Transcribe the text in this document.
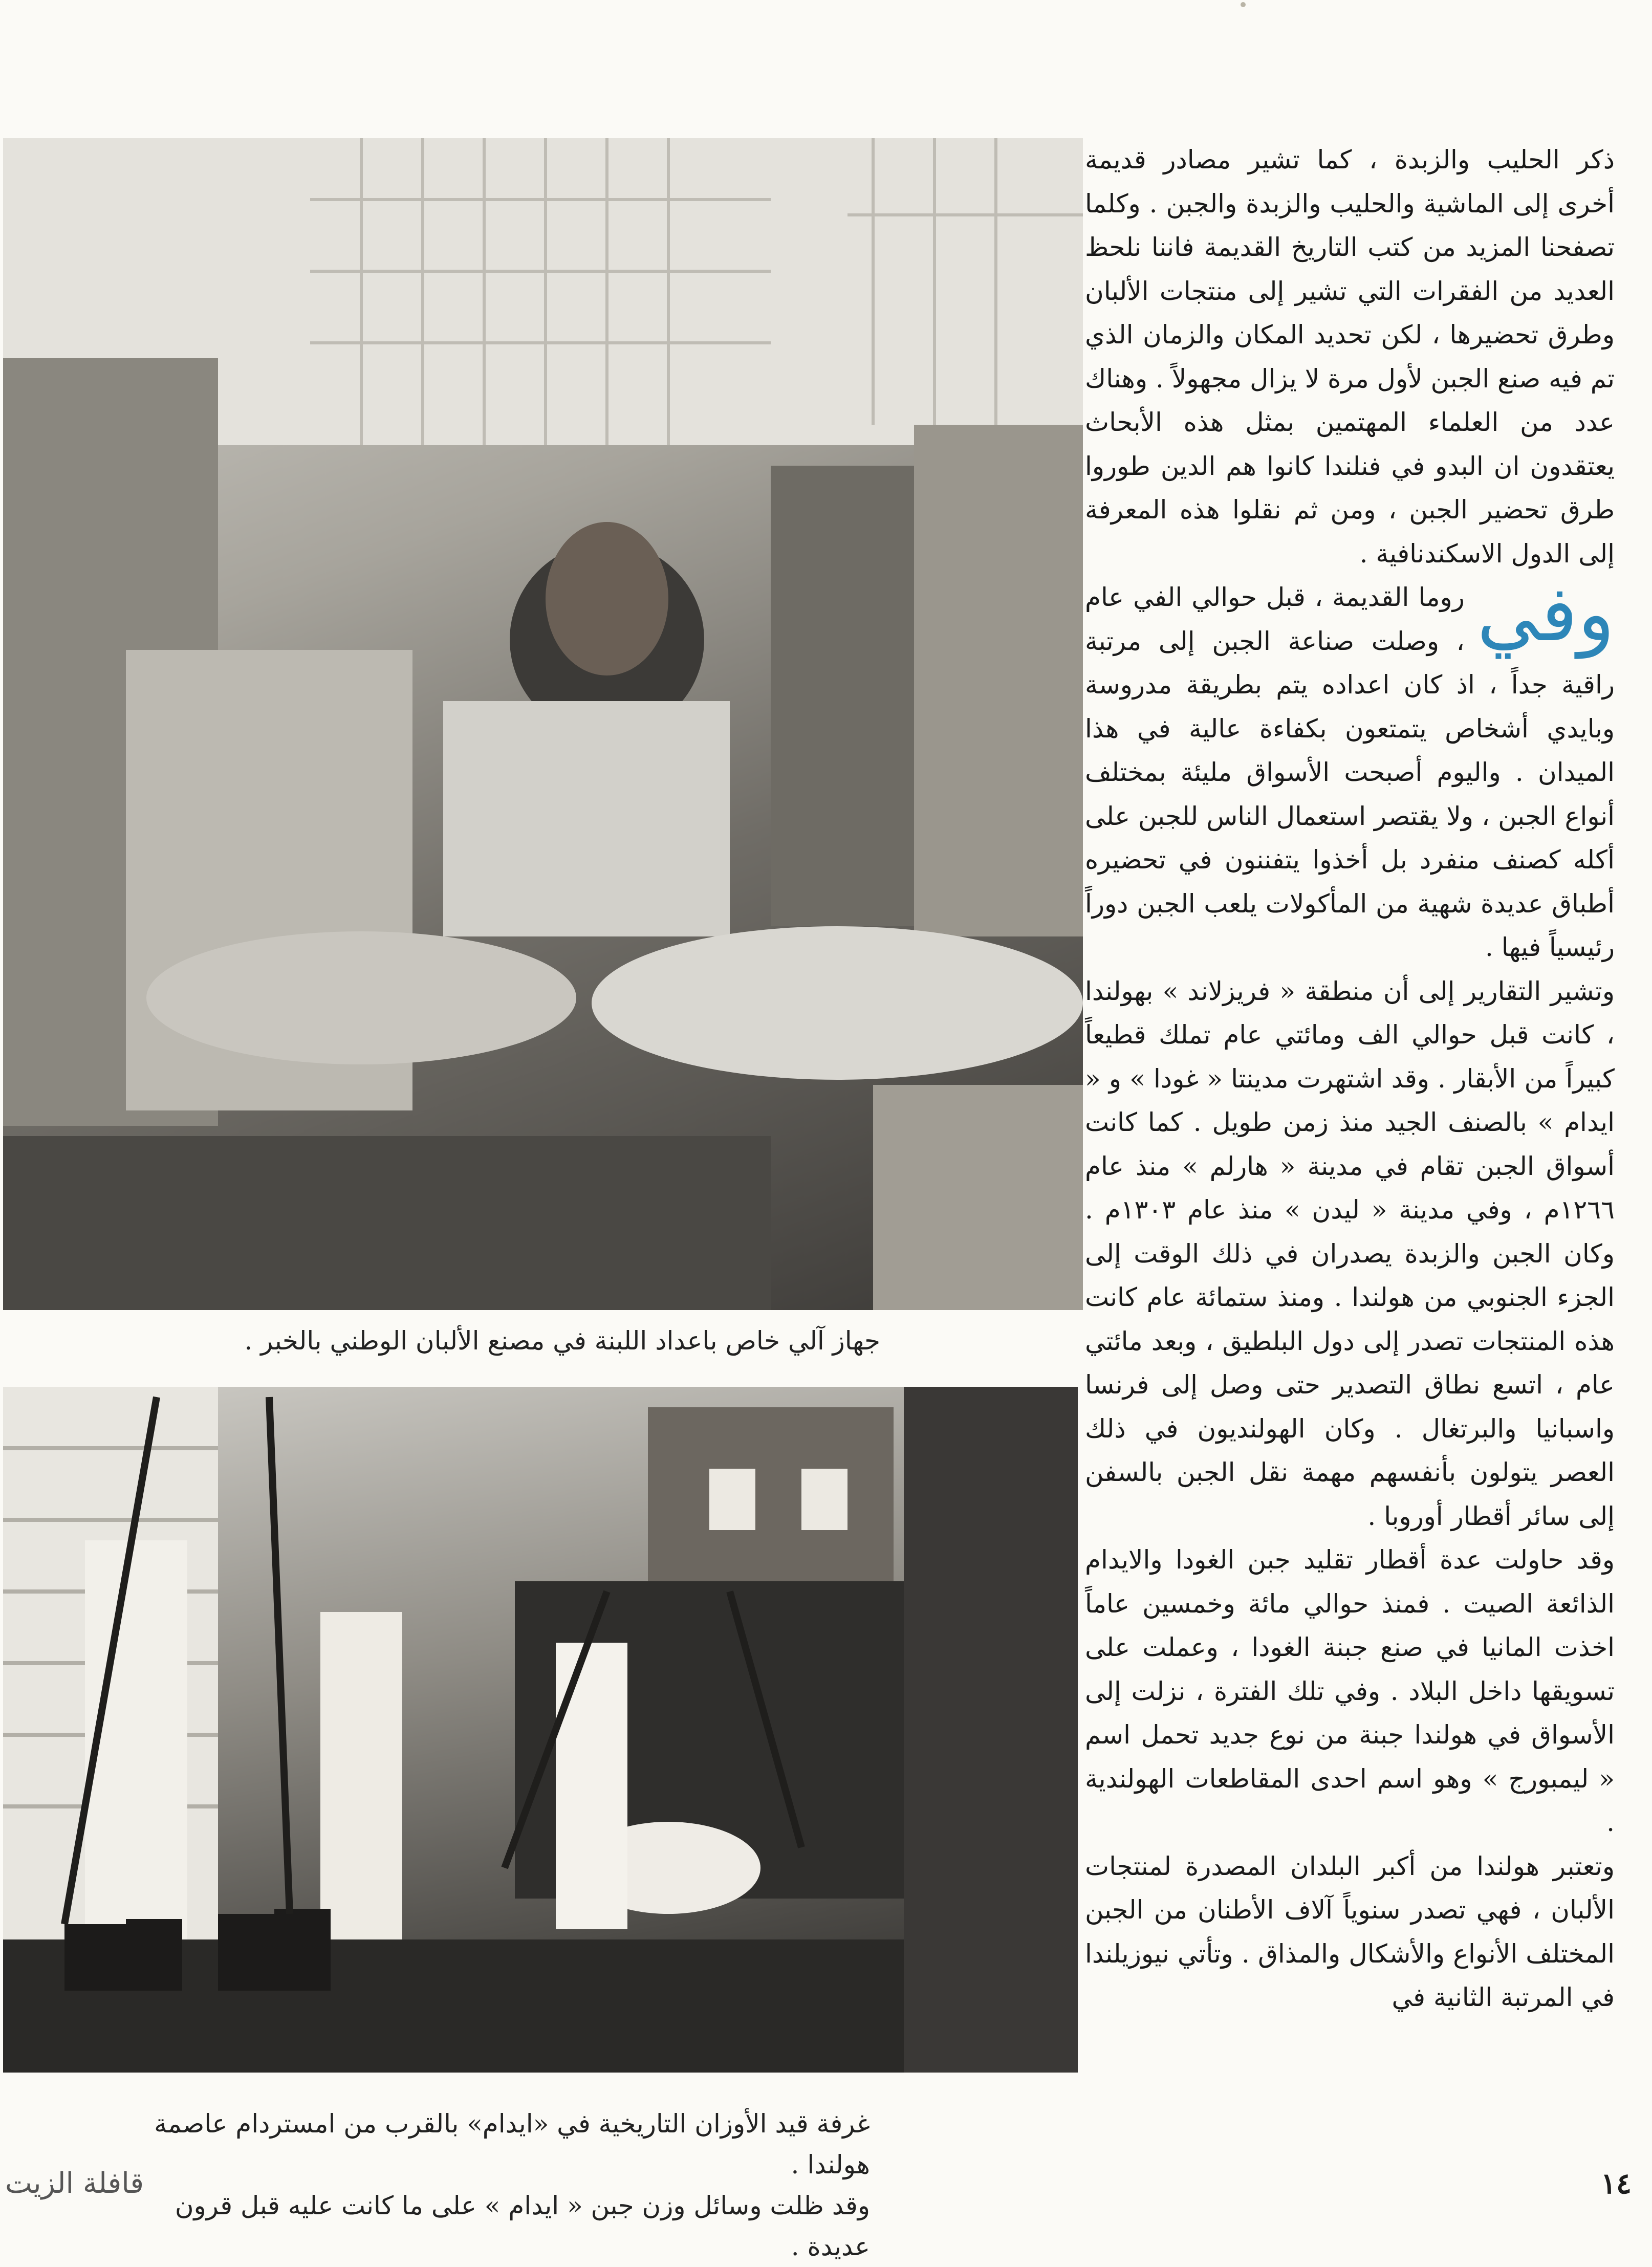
جهاز آلي خاص باعداد اللبنة في مصنع الألبان الوطني بالخبر .
غرفة قيد الأوزان التاريخية في «ايدام» بالقرب من امستردام عاصمة هولندا .
وقد ظلت وسائل وزن جبن « ايدام » على ما كانت عليه قبل قرون عديدة .

ذكر الحليب والزبدة ، كما تشير مصادر قديمة أخرى إلى الماشية والحليب والزبدة والجبن . وكلما تصفحنا المزيد من كتب التاريخ القديمة فاننا نلحظ العديد من الفقرات التي تشير إلى منتجات الألبان وطرق تحضيرها ، لكن تحديد المكان والزمان الذي تم فيه صنع الجبن لأول مرة لا يزال مجهولاً . وهناك عدد من العلماء المهتمين بمثل هذه الأبحاث يعتقدون ان البدو في فنلندا كانوا هم الدين طوروا طرق تحضير الجبن ، ومن ثم نقلوا هذه المعرفة إلى الدول الاسكندنافية .

وفي
روما القديمة ، قبل حوالي الفي عام ، وصلت صناعة الجبن إلى مرتبة راقية جداً ، اذ كان اعداده يتم بطريقة مدروسة وبايدي أشخاص يتمتعون بكفاءة عالية في هذا الميدان . واليوم أصبحت الأسواق مليئة بمختلف أنواع الجبن ، ولا يقتصر استعمال الناس للجبن على أكله كصنف منفرد بل أخذوا يتفننون في تحضيره أطباق عديدة شهية من المأكولات يلعب الجبن دوراً رئيسياً فيها .

وتشير التقارير إلى أن منطقة « فريزلاند » بهولندا ، كانت قبل حوالي الف ومائتي عام تملك قطيعاً كبيراً من الأبقار . وقد اشتهرت مدينتا « غودا » و « ايدام » بالصنف الجيد منذ زمن طويل . كما كانت أسواق الجبن تقام في مدينة « هارلم » منذ عام ١٢٦٦م ، وفي مدينة « ليدن » منذ عام ١٣٠٣م . وكان الجبن والزبدة يصدران في ذلك الوقت إلى الجزء الجنوبي من هولندا . ومنذ ستمائة عام كانت هذه المنتجات تصدر إلى دول البلطيق ، وبعد مائتي عام ، اتسع نطاق التصدير حتى وصل إلى فرنسا واسبانيا والبرتغال . وكان الهولنديون في ذلك العصر يتولون بأنفسهم مهمة نقل الجبن بالسفن إلى سائر أقطار أوروبا .

وقد حاولت عدة أقطار تقليد جبن الغودا والايدام الذائعة الصيت . فمنذ حوالي مائة وخمسين عاماً اخذت المانيا في صنع جبنة الغودا ، وعملت على تسويقها داخل البلاد . وفي تلك الفترة ، نزلت إلى الأسواق في هولندا جبنة من نوع جديد تحمل اسم « ليمبورج » وهو اسم احدى المقاطعات الهولندية .

وتعتبر هولندا من أكبر البلدان المصدرة لمنتجات الألبان ، فهي تصدر سنوياً آلاف الأطنان من الجبن المختلف الأنواع والأشكال والمذاق . وتأتي نيوزيلندا في المرتبة الثانية في

١٤
قافلة الزيت
